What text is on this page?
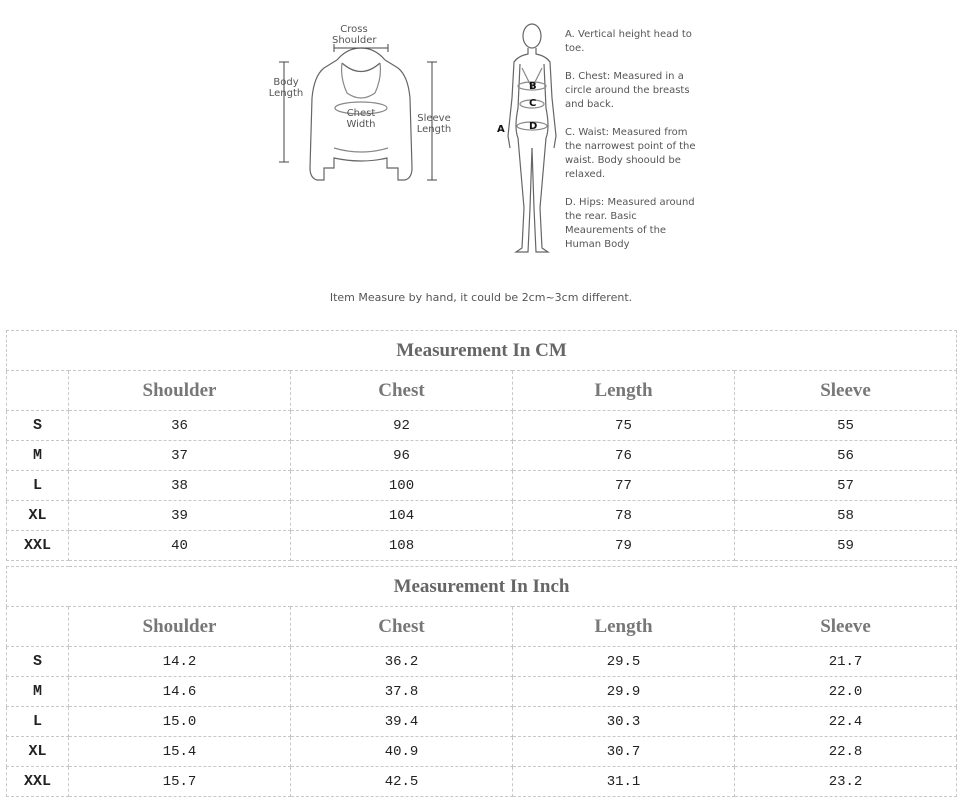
Cross Shoulder
Body Length
Chest Width
Sleeve Length	A
B
C
D
A. Vertical height head to toe.
B. Chest: Measured in a circle around the breasts and back.
C. Waist: Measured from the narrowest point of the waist. Body shoould be relaxed.
D. Hips: Measured around the rear. Basic Meaurements of the Human Body
Item Measure by hand, it could be 2cm~3cm different.
Measurement In CM				
	Shoulder	Chest	Length	Sleeve
S	36	92	75	55
M	37	96	76	56
L	38	100	77	57
XL	39	104	78	58
XXL	40	108	79	59
Measurement In Inch				
	Shoulder	Chest	Length	Sleeve
S	14.2	36.2	29.5	21.7
M	14.6	37.8	29.9	22.0
L	15.0	39.4	30.3	22.4
XL	15.4	40.9	30.7	22.8
XXL	15.7	42.5	31.1	23.2
